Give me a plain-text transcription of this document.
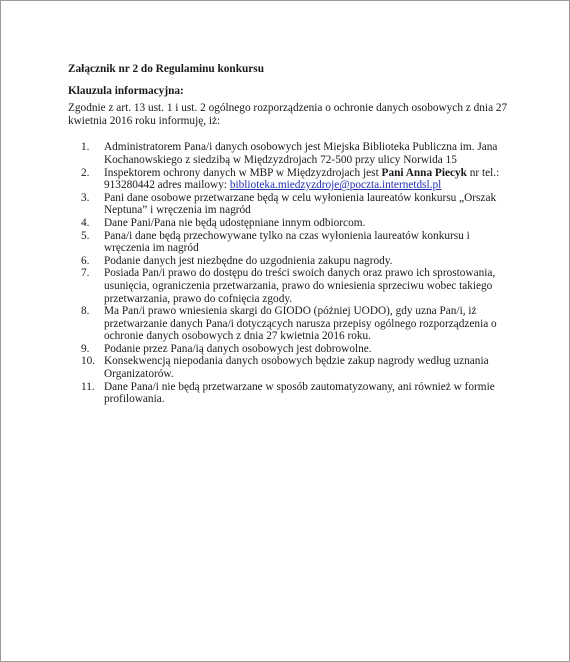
Załącznik nr 2 do Regulaminu konkursu

Klauzula informacyjna:

Zgodnie z art. 13 ust. 1 i ust. 2 ogólnego rozporządzenia o ochronie danych osobowych z dnia 27 kwietnia 2016 roku informuję, iż:

1. Administratorem Pana/i danych osobowych jest Miejska Biblioteka Publiczna im. Jana Kochanowskiego z siedzibą w Międzyzdrojach 72-500 przy ulicy Norwida 15
2. Inspektorem ochrony danych w MBP w Międzyzdrojach jest Pani Anna Piecyk nr tel.: 913280442 adres mailowy: biblioteka.miedzyzdroje@poczta.internetdsl.pl
3. Pani dane osobowe przetwarzane będą w celu wyłonienia laureatów konkursu „Orszak Neptuna” i wręczenia im nagród
4. Dane Pani/Pana nie będą udostępniane innym odbiorcom.
5. Pana/i dane będą przechowywane tylko na czas wyłonienia laureatów konkursu i wręczenia im nagród
6. Podanie danych jest niezbędne do uzgodnienia zakupu nagrody.
7. Posiada Pan/i prawo do dostępu do treści swoich danych oraz prawo ich sprostowania, usunięcia, ograniczenia przetwarzania, prawo do wniesienia sprzeciwu wobec takiego przetwarzania, prawo do cofnięcia zgody.
8. Ma Pan/i prawo wniesienia skargi do GIODO (póżniej UODO), gdy uzna Pan/i, iż przetwarzanie danych Pana/i dotyczących narusza przepisy ogólnego rozporządzenia o ochronie danych osobowych z dnia 27 kwietnia 2016 roku.
9. Podanie przez Pana/ią danych osobowych jest dobrowolne.
10. Konsekwencją niepodania danych osobowych będzie zakup nagrody według uznania Organizatorów.
11. Dane Pana/i nie będą przetwarzane w sposób zautomatyzowany, ani również w formie profilowania.
